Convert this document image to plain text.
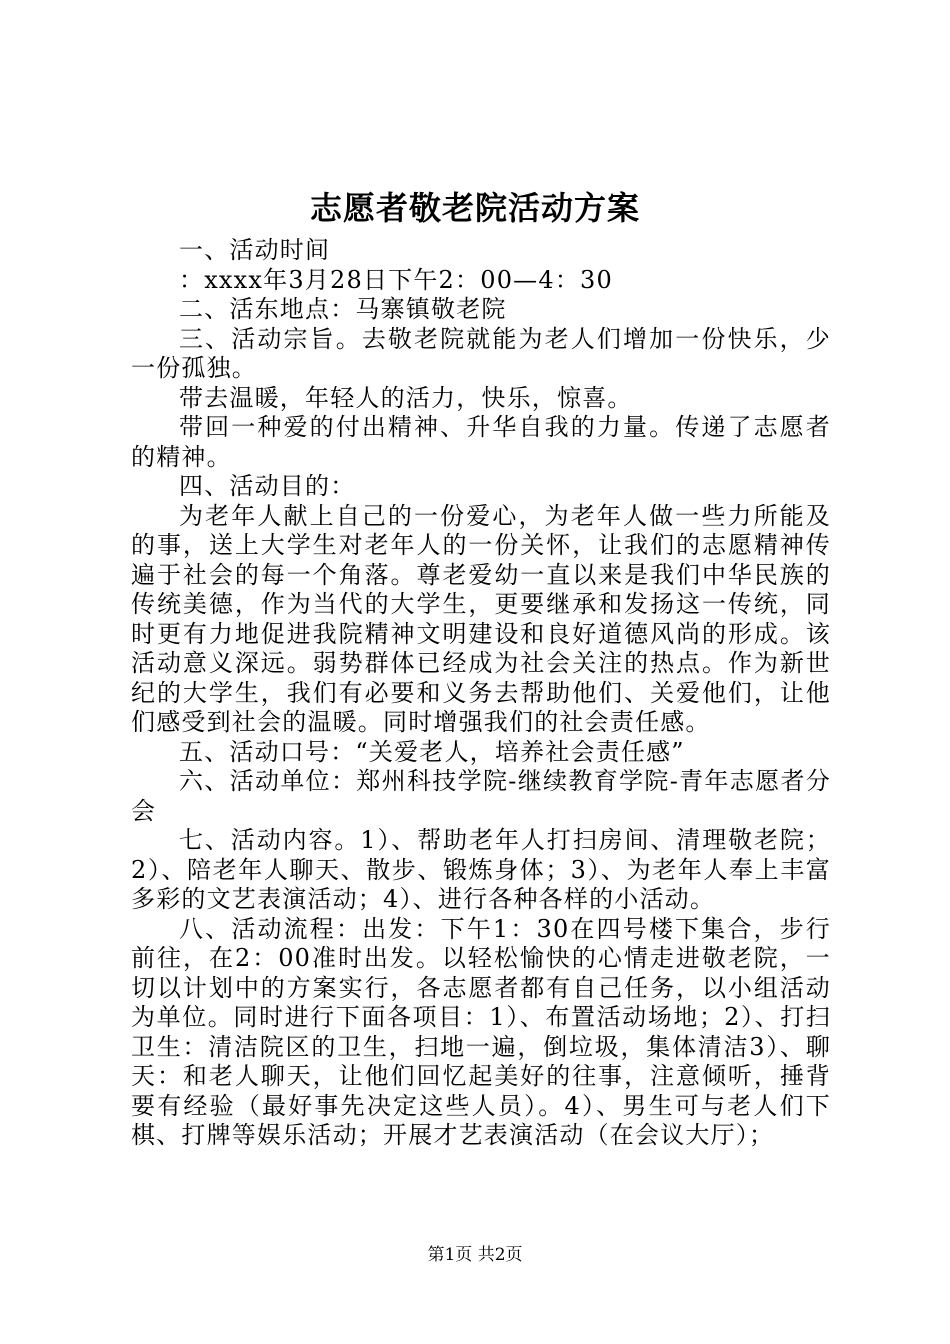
志愿者敬老院活动方案

一、活动时间

：xxxx年3月28日下午2：00—4：30

二、活东地点：马寨镇敬老院

三、活动宗旨。去敬老院就能为老人们增加一份快乐，少一份孤独。

带去温暖，年轻人的活力，快乐，惊喜。

带回一种爱的付出精神、升华自我的力量。传递了志愿者的精神。

四、活动目的：

为老年人献上自己的一份爱心，为老年人做一些力所能及的事，送上大学生对老年人的一份关怀，让我们的志愿精神传遍于社会的每一个角落。尊老爱幼一直以来是我们中华民族的传统美德，作为当代的大学生，更要继承和发扬这一传统，同时更有力地促进我院精神文明建设和良好道德风尚的形成。该活动意义深远。弱势群体已经成为社会关注的热点。作为新世纪的大学生，我们有必要和义务去帮助他们、关爱他们，让他们感受到社会的温暖。同时增强我们的社会责任感。

五、活动口号：“关爱老人，培养社会责任感”

六、活动单位：郑州科技学院-继续教育学院-青年志愿者分会

七、活动内容。1）、帮助老年人打扫房间、清理敬老院；2）、陪老年人聊天、散步、锻炼身体；3）、为老年人奉上丰富多彩的文艺表演活动；4）、进行各种各样的小活动。

八、活动流程：出发：下午1：30在四号楼下集合，步行前往，在2：00准时出发。以轻松愉快的心情走进敬老院，一切以计划中的方案实行，各志愿者都有自己任务，以小组活动为单位。同时进行下面各项目：1）、布置活动场地；2）、打扫卫生：清洁院区的卫生，扫地一遍，倒垃圾，集体清洁3）、聊天：和老人聊天，让他们回忆起美好的往事，注意倾听，捶背要有经验（最好事先决定这些人员）。4）、男生可与老人们下棋、打牌等娱乐活动；开展才艺表演活动（在会议大厅）；

第1页 共2页
